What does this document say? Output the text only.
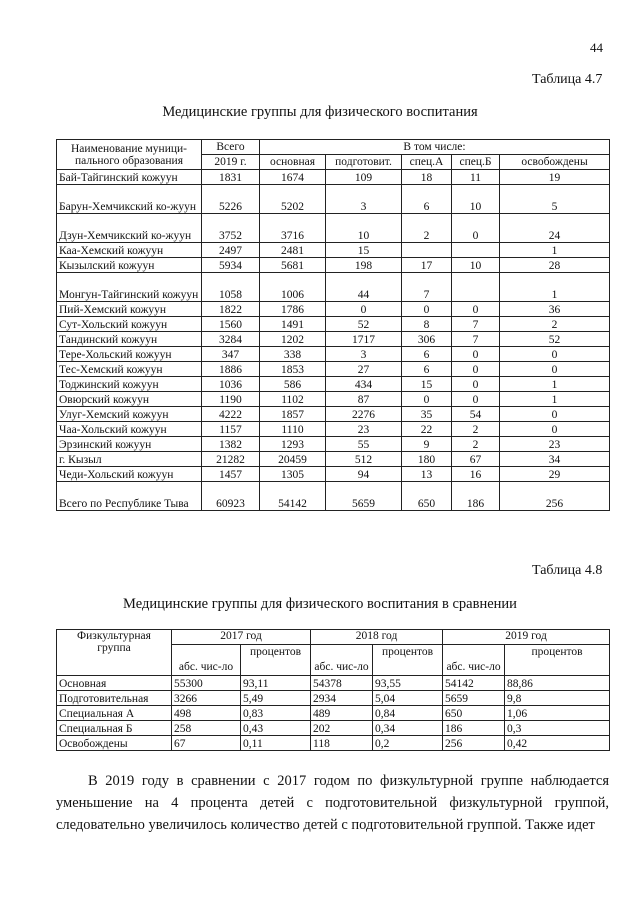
44
Таблица 4.7
Медицинские группы для физического воспитания
Наименование муници-
пального образования	Всего	В том числе:				
	2019 г.	основная	подготовит.	спец.А	спец.Б	освобождены
Бай-Тайгинский кожуун	1831	1674	109	18	11	19
Барун-Хемчикский ко-жуун	5226	5202	3	6	10	5
Дзун-Хемчикский ко-жуун	3752	3716	10	2	0	24
Каа-Хемский кожуун	2497	2481	15			1
Кызылский кожуун	5934	5681	198	17	10	28
Монгун-Тайгинский кожуун	1058	1006	44	7		1
Пий-Хемский кожуун	1822	1786	0	0	0	36
Сут-Хольский кожуун	1560	1491	52	8	7	2
Тандинский кожуун	3284	1202	1717	306	7	52
Тере-Хольский кожуун	347	338	3	6	0	0
Тес-Хемский кожуун	1886	1853	27	6	0	0
Тоджинский кожуун	1036	586	434	15	0	1
Овюрский кожуун	1190	1102	87	0	0	1
Улуг-Хемский кожуун	4222	1857	2276	35	54	0
Чаа-Хольский кожуун	1157	1110	23	22	2	0
Эрзинский кожуун	1382	1293	55	9	2	23
г. Кызыл	21282	20459	512	180	67	34
Чеди-Хольский кожуун	1457	1305	94	13	16	29
Всего по Республике Тыва	60923	54142	5659	650	186	256
Таблица 4.8
Медицинские группы для физического воспитания в сравнении
Физкультурная группа	2017 год		2018 год		2019 год	
	абс. чис-ло	процентов	абс. чис-ло	процентов	абс. чис-ло	процентов
Основная	55300	93,11	54378	93,55	54142	88,86
Подготовительная	3266	5,49	2934	5,04	5659	9,8
Специальная А	498	0,83	489	0,84	650	1,06
Специальная Б	258	0,43	202	0,34	186	0,3
Освобождены	67	0,11	118	0,2	256	0,42
В 2019 году в сравнении с 2017 годом по физкультурной группе наблюдается уменьшение на 4 процента детей с подготовительной физкультурной группой, следовательно увеличилось количество детей с подготовительной группой. Также идет
